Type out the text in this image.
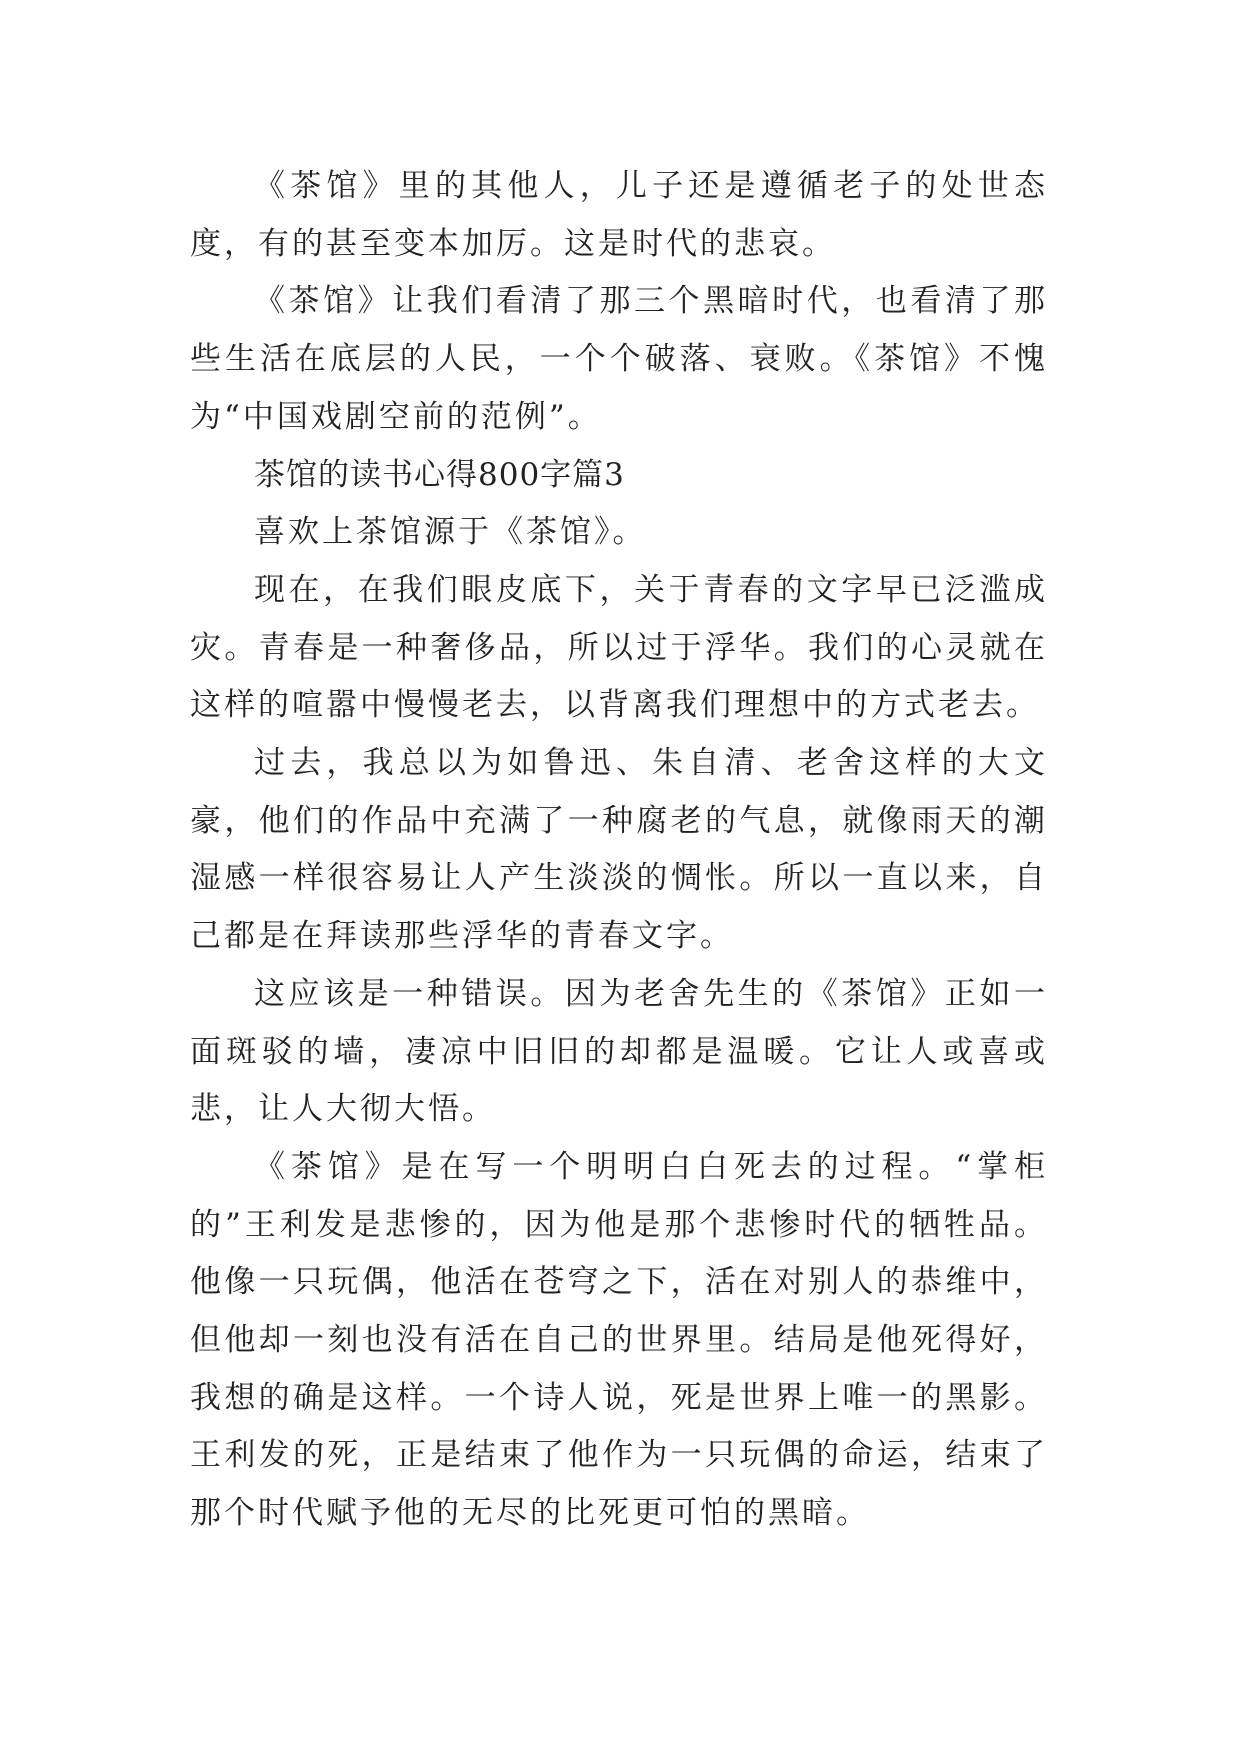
《茶馆》里的其他人，儿子还是遵循老子的处世态度，有的甚至变本加厉。这是时代的悲哀。

《茶馆》让我们看清了那三个黑暗时代，也看清了那些生活在底层的人民，一个个破落、衰败。《茶馆》不愧为“中国戏剧空前的范例”。

茶馆的读书心得800字篇3

喜欢上茶馆源于《茶馆》。

现在，在我们眼皮底下，关于青春的文字早已泛滥成灾。青春是一种奢侈品，所以过于浮华。我们的心灵就在这样的喧嚣中慢慢老去，以背离我们理想中的方式老去。

过去，我总以为如鲁迅、朱自清、老舍这样的大文豪，他们的作品中充满了一种腐老的气息，就像雨天的潮湿感一样很容易让人产生淡淡的惆怅。所以一直以来，自己都是在拜读那些浮华的青春文字。

这应该是一种错误。因为老舍先生的《茶馆》正如一面斑驳的墙，凄凉中旧旧的却都是温暖。它让人或喜或悲，让人大彻大悟。

《茶馆》是在写一个明明白白死去的过程。“掌柜的”王利发是悲惨的，因为他是那个悲惨时代的牺牲品。他像一只玩偶，他活在苍穹之下，活在对别人的恭维中，但他却一刻也没有活在自己的世界里。结局是他死得好，我想的确是这样。一个诗人说，死是世界上唯一的黑影。王利发的死，正是结束了他作为一只玩偶的命运，结束了那个时代赋予他的无尽的比死更可怕的黑暗。
